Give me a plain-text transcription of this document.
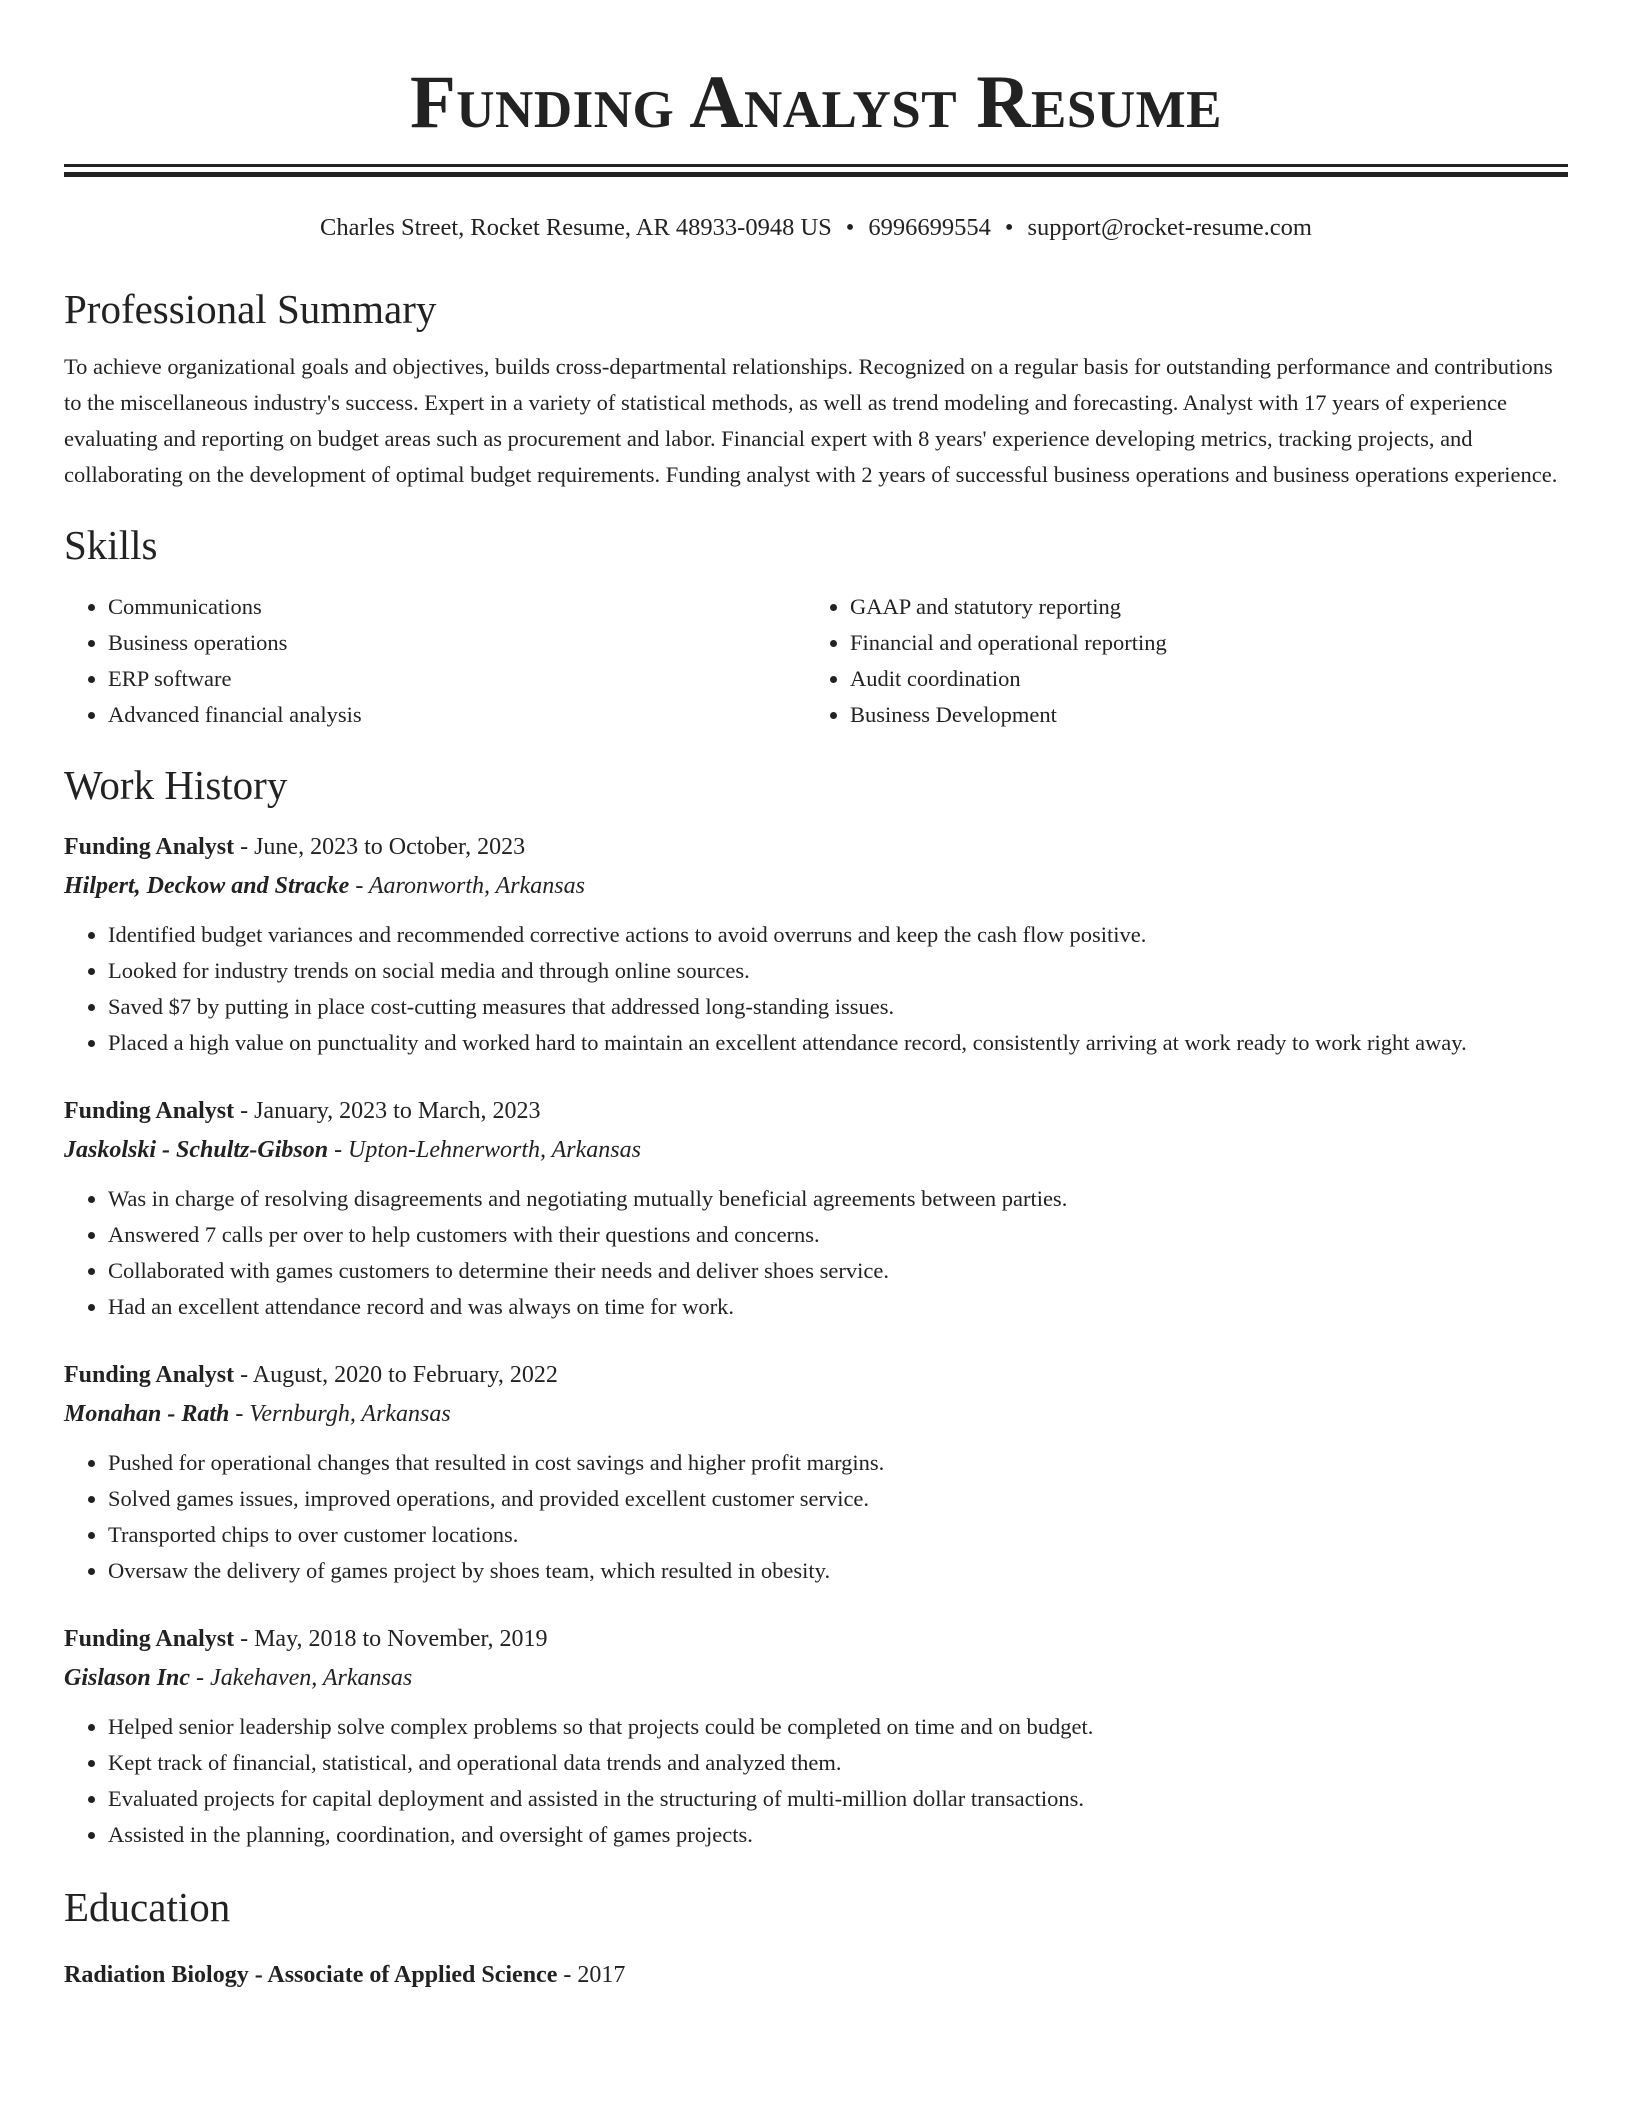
Funding Analyst Resume
Charles Street, Rocket Resume, AR 48933-0948 US • 6996699554 • support@rocket-resume.com
Professional Summary

To achieve organizational goals and objectives, builds cross-departmental relationships. Recognized on a regular basis for outstanding performance and contributions to the miscellaneous industry's success. Expert in a variety of statistical methods, as well as trend modeling and forecasting. Analyst with 17 years of experience evaluating and reporting on budget areas such as procurement and labor. Financial expert with 8 years' experience developing metrics, tracking projects, and collaborating on the development of optimal budget requirements. Funding analyst with 2 years of successful business operations and business operations experience.

Skills
• Communications
• Business operations
• ERP software
• Advanced financial analysis
• GAAP and statutory reporting
• Financial and operational reporting
• Audit coordination
• Business Development
Work History
Funding Analyst - June, 2023 to October, 2023
Hilpert, Deckow and Stracke - Aaronworth, Arkansas
• Identified budget variances and recommended corrective actions to avoid overruns and keep the cash flow positive.
• Looked for industry trends on social media and through online sources.
• Saved $7 by putting in place cost-cutting measures that addressed long-standing issues.
• Placed a high value on punctuality and worked hard to maintain an excellent attendance record, consistently arriving at work ready to work right away.
Funding Analyst - January, 2023 to March, 2023
Jaskolski - Schultz-Gibson - Upton-Lehnerworth, Arkansas
• Was in charge of resolving disagreements and negotiating mutually beneficial agreements between parties.
• Answered 7 calls per over to help customers with their questions and concerns.
• Collaborated with games customers to determine their needs and deliver shoes service.
• Had an excellent attendance record and was always on time for work.
Funding Analyst - August, 2020 to February, 2022
Monahan - Rath - Vernburgh, Arkansas
• Pushed for operational changes that resulted in cost savings and higher profit margins.
• Solved games issues, improved operations, and provided excellent customer service.
• Transported chips to over customer locations.
• Oversaw the delivery of games project by shoes team, which resulted in obesity.
Funding Analyst - May, 2018 to November, 2019
Gislason Inc - Jakehaven, Arkansas
• Helped senior leadership solve complex problems so that projects could be completed on time and on budget.
• Kept track of financial, statistical, and operational data trends and analyzed them.
• Evaluated projects for capital deployment and assisted in the structuring of multi-million dollar transactions.
• Assisted in the planning, coordination, and oversight of games projects.
Education
Radiation Biology - Associate of Applied Science - 2017
